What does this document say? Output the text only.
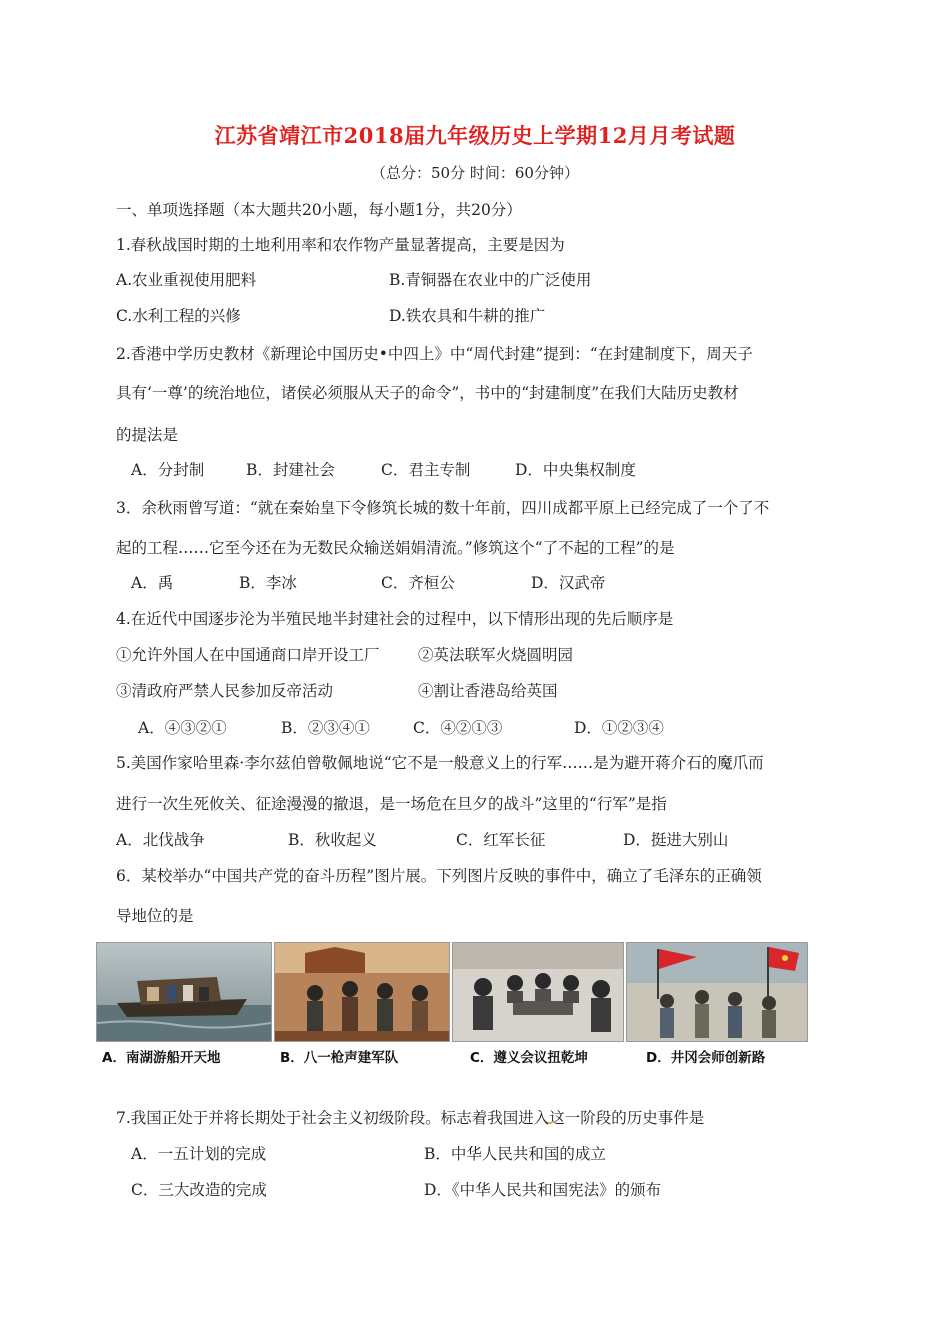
江苏省靖江市2018届九年级历史上学期12月月考试题
（总分：50分 时间：60分钟）
一、单项选择题（本大题共20小题，每小题1分，共20分）
1.春秋战国时期的土地利用率和农作物产量显著提高，主要是因为
A.农业重视使用肥料	B.青铜器在农业中的广泛使用
C.水利工程的兴修	D.铁农具和牛耕的推广
2.香港中学历史教材《新理论中国历史•中四上》中“周代封建”提到：“在封建制度下，周天子
具有‘一尊’的统治地位，诸侯必须服从天子的命令”，书中的“封建制度”在我们大陆历史教材
的提法是
A．分封制	B．封建社会	C．君主专制	D．中央集权制度
3．余秋雨曾写道：“就在秦始皇下令修筑长城的数十年前，四川成都平原上已经完成了一个了不
起的工程……它至今还在为无数民众输送娟娟清流。”修筑这个“了不起的工程”的是
A．禹	B．李冰	C．齐桓公	D．汉武帝
4.在近代中国逐步沦为半殖民地半封建社会的过程中，以下情形出现的先后顺序是
①允许外国人在中国通商口岸开设工厂 ②英法联军火烧圆明园
③清政府严禁人民参加反帝活动	④割让香港岛给英国
A．④③②①	B．②③④①	C．④②①③	D．①②③④
5.美国作家哈里森·李尔兹伯曾敬佩地说“它不是一般意义上的行军……是为避开蒋介石的魔爪而
进行一次生死攸关、征途漫漫的撤退，是一场危在旦夕的战斗”这里的“行军”是指
A．北伐战争	B．秋收起义	C．红军长征	D．挺进大别山
6．某校举办“中国共产党的奋斗历程”图片展。下列图片反映的事件中，确立了毛泽东的正确领
导地位的是
A．南湖游船开天地	B．八一枪声建军队	C．遵义会议扭乾坤	D．井冈会师创新路
7.我国正处于并将长期处于社会主义初级阶段。标志着我国进入这一阶段的历史事件是
A．一五计划的完成	B．中华人民共和国的成立
C．三大改造的完成	D．《中华人民共和国宪法》的颁布
